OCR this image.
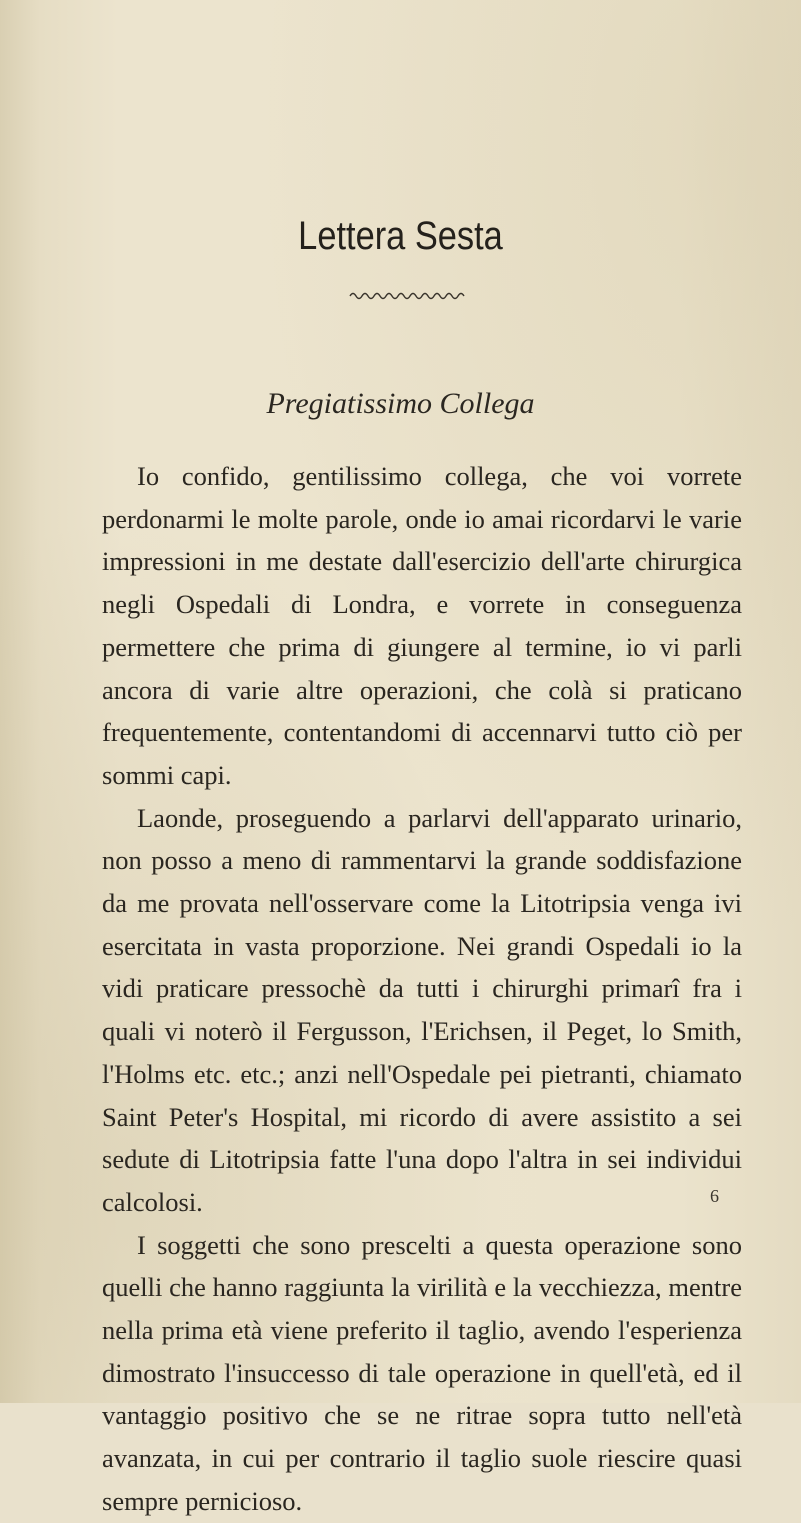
Lettera Sesta
Pregiatissimo Collega

Io confido, gentilissimo collega, che voi vorrete perdonarmi le molte parole, onde io amai ricordarvi le varie impressioni in me destate dall'esercizio dell'arte chirurgica negli Ospedali di Londra, e vorrete in conseguenza permettere che prima di giungere al termine, io vi parli ancora di varie altre operazioni, che colà si praticano frequentemente, contentandomi di accennarvi tutto ciò per sommi capi.

Laonde, proseguendo a parlarvi dell'apparato urinario, non posso a meno di rammentarvi la grande soddisfazione da me provata nell'osservare come la Litotripsia venga ivi esercitata in vasta proporzione. Nei grandi Ospedali io la vidi praticare pressochè da tutti i chirurghi primarî fra i quali vi noterò il Fergusson, l'Erichsen, il Peget, lo Smith, l'Holms etc. etc.; anzi nell'Ospedale pei pietranti, chiamato Saint Peter's Hospital, mi ricordo di avere assistito a sei sedute di Litotripsia fatte l'una dopo l'altra in sei individui calcolosi.

I soggetti che sono prescelti a questa operazione sono quelli che hanno raggiunta la virilità e la vecchiezza, mentre nella prima età viene preferito il taglio, avendo l'esperienza dimostrato l'insuccesso di tale operazione in quell'età, ed il vantaggio positivo che se ne ritrae sopra tutto nell'età avanzata, in cui per contrario il taglio suole riescire quasi sempre pernicioso.

6
